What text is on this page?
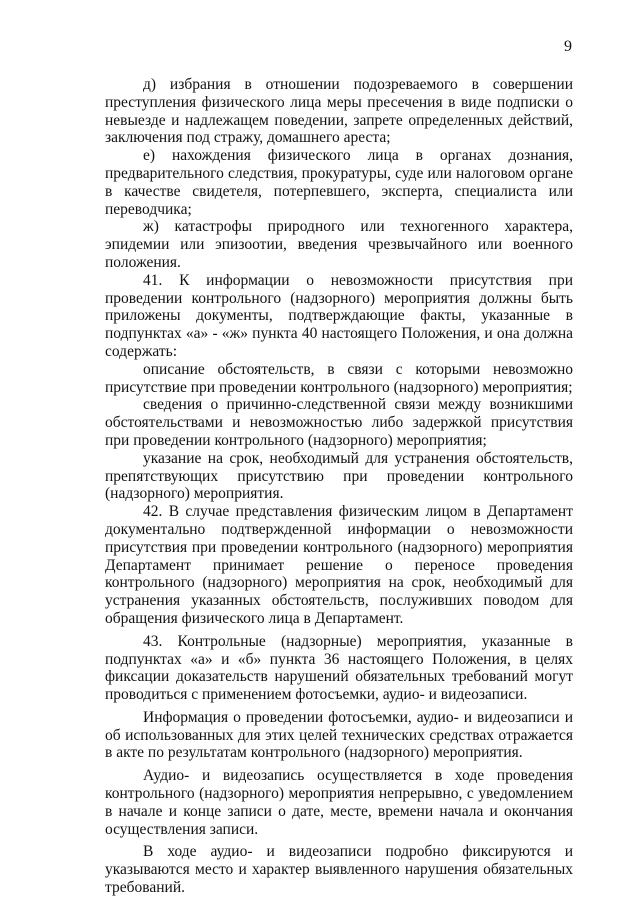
9

д) избрания в отношении подозреваемого в совершении преступления физического лица меры пресечения в виде подписки о невыезде и надлежащем поведении, запрете определенных действий, заключения под стражу, домашнего ареста;

е) нахождения физического лица в органах дознания, предварительного следствия, прокуратуры, суде или налоговом органе в качестве свидетеля, потерпевшего, эксперта, специалиста или переводчика;

ж) катастрофы природного или техногенного характера, эпидемии или эпизоотии, введения чрезвычайного или военного положения.

41. К информации о невозможности присутствия при проведении контрольного (надзорного) мероприятия должны быть приложены документы, подтверждающие факты, указанные в подпунктах «а» - «ж» пункта 40 настоящего Положения, и она должна содержать:

описание обстоятельств, в связи с которыми невозможно присутствие при проведении контрольного (надзорного) мероприятия;

сведения о причинно-следственной связи между возникшими обстоятельствами и невозможностью либо задержкой присутствия при проведении контрольного (надзорного) мероприятия;

указание на срок, необходимый для устранения обстоятельств, препятствующих присутствию при проведении контрольного (надзорного) мероприятия.

42. В случае представления физическим лицом в Департамент документально подтвержденной информации о невозможности присутствия при проведении контрольного (надзорного) мероприятия Департамент принимает решение о переносе проведения контрольного (надзорного) мероприятия на срок, необходимый для устранения указанных обстоятельств, послуживших поводом для обращения физического лица в Департамент.

43. Контрольные (надзорные) мероприятия, указанные в подпунктах «а» и «б» пункта 36 настоящего Положения, в целях фиксации доказательств нарушений обязательных требований могут проводиться с применением фотосъемки, аудио- и видеозаписи.

Информация о проведении фотосъемки, аудио- и видеозаписи и об использованных для этих целей технических средствах отражается в акте по результатам контрольного (надзорного) мероприятия.

Аудио- и видеозапись осуществляется в ходе проведения контрольного (надзорного) мероприятия непрерывно, с уведомлением в начале и конце записи о дате, месте, времени начала и окончания осуществления записи.

В ходе аудио- и видеозаписи подробно фиксируются и указываются место и характер выявленного нарушения обязательных требований.
